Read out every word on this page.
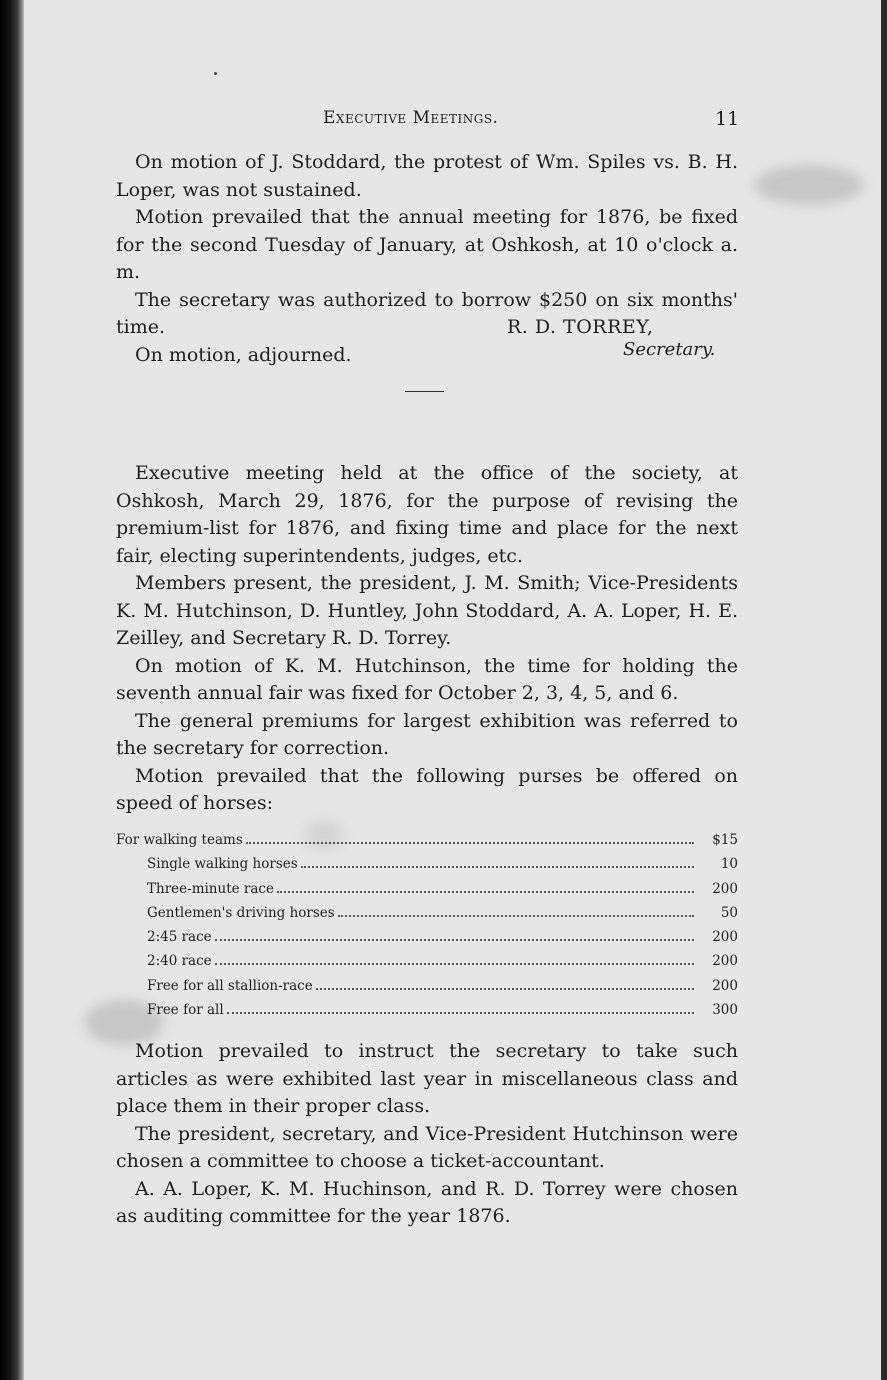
Executive Meetings.	11

On motion of J. Stoddard, the protest of Wm. Spiles vs. B. H. Loper, was not sustained.

Motion prevailed that the annual meeting for 1876, be fixed for the second Tuesday of January, at Oshkosh, at 10 o'clock a. m.

The secretary was authorized to borrow $250 on six months' time.

On motion, adjourned.

R. D. TORREY,
Secretary.

Executive meeting held at the office of the society, at Oshkosh, March 29, 1876, for the purpose of revising the premium-list for 1876, and fixing time and place for the next fair, electing superintendents, judges, etc.

Members present, the president, J. M. Smith; Vice-Presidents K. M. Hutchinson, D. Huntley, John Stoddard, A. A. Loper, H. E. Zeilley, and Secretary R. D. Torrey.

On motion of K. M. Hutchinson, the time for holding the seventh annual fair was fixed for October 2, 3, 4, 5, and 6.

The general premiums for largest exhibition was referred to the secretary for correction.

Motion prevailed that the following purses be offered on speed of horses:

For walking teams	$15
Single walking horses	10
Three-minute race	200
Gentlemen's driving horses	50
2:45 race	200
2:40 race	200
Free for all stallion-race	200
Free for all	300

Motion prevailed to instruct the secretary to take such articles as were exhibited last year in miscellaneous class and place them in their proper class.

The president, secretary, and Vice-President Hutchinson were chosen a committee to choose a ticket-accountant.

A. A. Loper, K. M. Huchinson, and R. D. Torrey were chosen as auditing committee for the year 1876.
